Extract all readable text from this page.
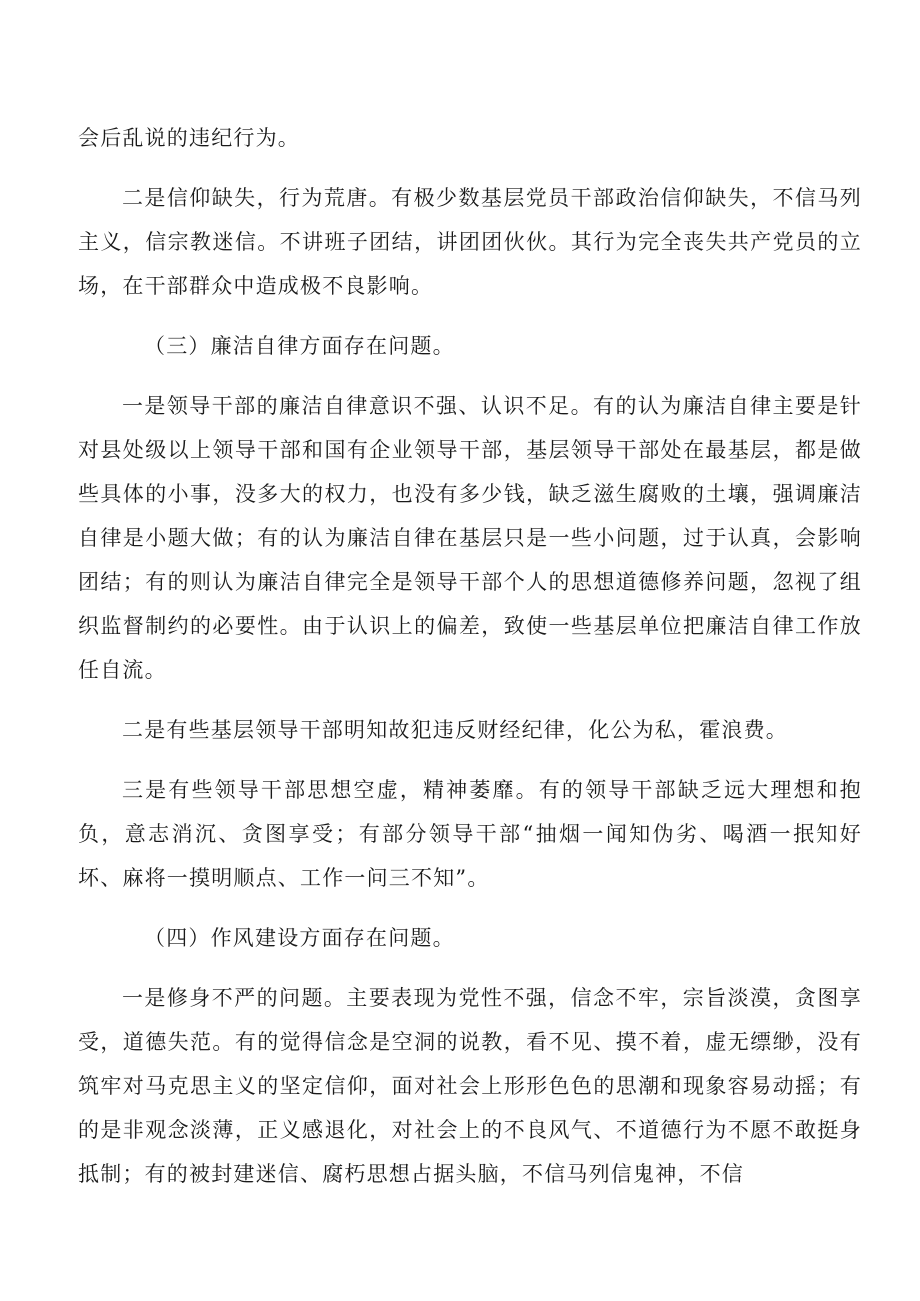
会后乱说的违纪行为。

二是信仰缺失，行为荒唐。有极少数基层党员干部政治信仰缺失，不信马列主义，信宗教迷信。不讲班子团结，讲团团伙伙。其行为完全丧失共产党员的立场，在干部群众中造成极不良影响。

（三）廉洁自律方面存在问题。

一是领导干部的廉洁自律意识不强、认识不足。有的认为廉洁自律主要是针对县处级以上领导干部和国有企业领导干部，基层领导干部处在最基层，都是做些具体的小事，没多大的权力，也没有多少钱，缺乏滋生腐败的土壤，强调廉洁自律是小题大做；有的认为廉洁自律在基层只是一些小问题，过于认真，会影响团结；有的则认为廉洁自律完全是领导干部个人的思想道德修养问题，忽视了组织监督制约的必要性。由于认识上的偏差，致使一些基层单位把廉洁自律工作放任自流。

二是有些基层领导干部明知故犯违反财经纪律，化公为私，霍浪费。

三是有些领导干部思想空虚，精神萎靡。有的领导干部缺乏远大理想和抱负，意志消沉、贪图享受；有部分领导干部“抽烟一闻知伪劣、喝酒一抿知好坏、麻将一摸明顺点、工作一问三不知”。

（四）作风建设方面存在问题。

一是修身不严的问题。主要表现为党性不强，信念不牢，宗旨淡漠，贪图享受，道德失范。有的觉得信念是空洞的说教，看不见、摸不着，虚无缥缈，没有筑牢对马克思主义的坚定信仰，面对社会上形形色色的思潮和现象容易动摇；有的是非观念淡薄，正义感退化，对社会上的不良风气、不道德行为不愿不敢挺身抵制；有的被封建迷信、腐朽思想占据头脑，不信马列信鬼神，不信
